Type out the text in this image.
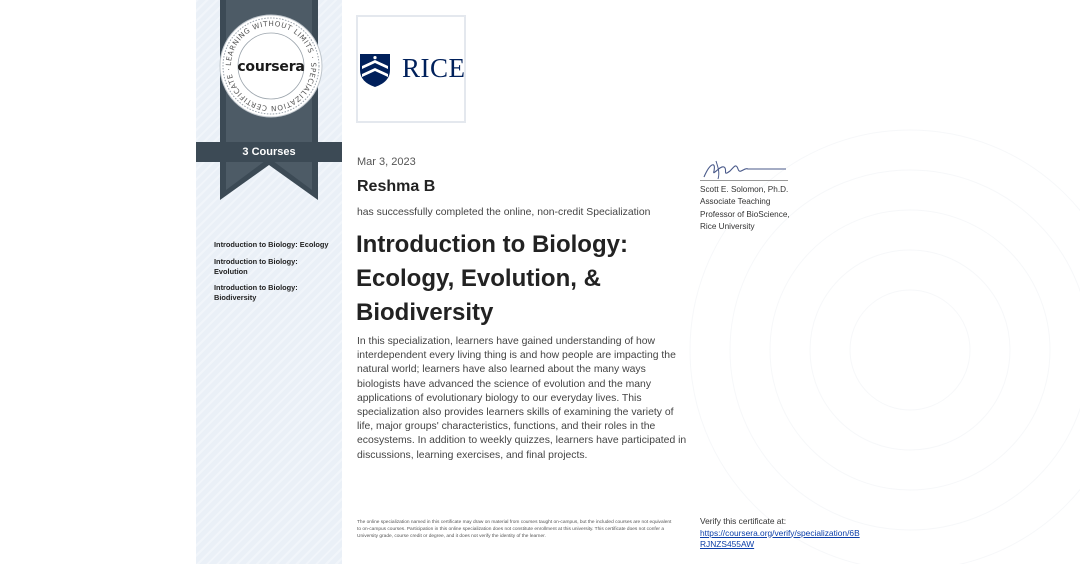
LEARNING WITHOUT LIMITS · SPECIALIZATION CERTIFICATE · coursera
3 Courses
Introduction to Biology: Ecology
Introduction to Biology: Evolution
Introduction to Biology: Biodiversity
RICE
Mar 3, 2023
Reshma B
has successfully completed the online, non-credit Specialization
Introduction to Biology: Ecology, Evolution, & Biodiversity

In this specialization, learners have gained understanding of how interdependent every living thing is and how people are impacting the natural world; learners have also learned about the many ways biologists have advanced the science of evolution and the many applications of evolutionary biology to our everyday lives. This specialization also provides learners skills of examining the variety of life, major groups' characteristics, functions, and their roles in the ecosystems. In addition to weekly quizzes, learners have participated in discussions, learning exercises, and final projects.

Scott E. Solomon, Ph.D.
Associate Teaching
Professor of BioScience,
Rice University

The online specialization named in this certificate may draw on material from courses taught on-campus, but the included courses are not equivalent to on-campus courses. Participation in this online specialization does not constitute enrollment at this university. This certificate does not confer a University grade, course credit or degree, and it does not verify the identity of the learner.

Verify this certificate at:
https://coursera.org/verify/specialization/6BRJNZS455AW
